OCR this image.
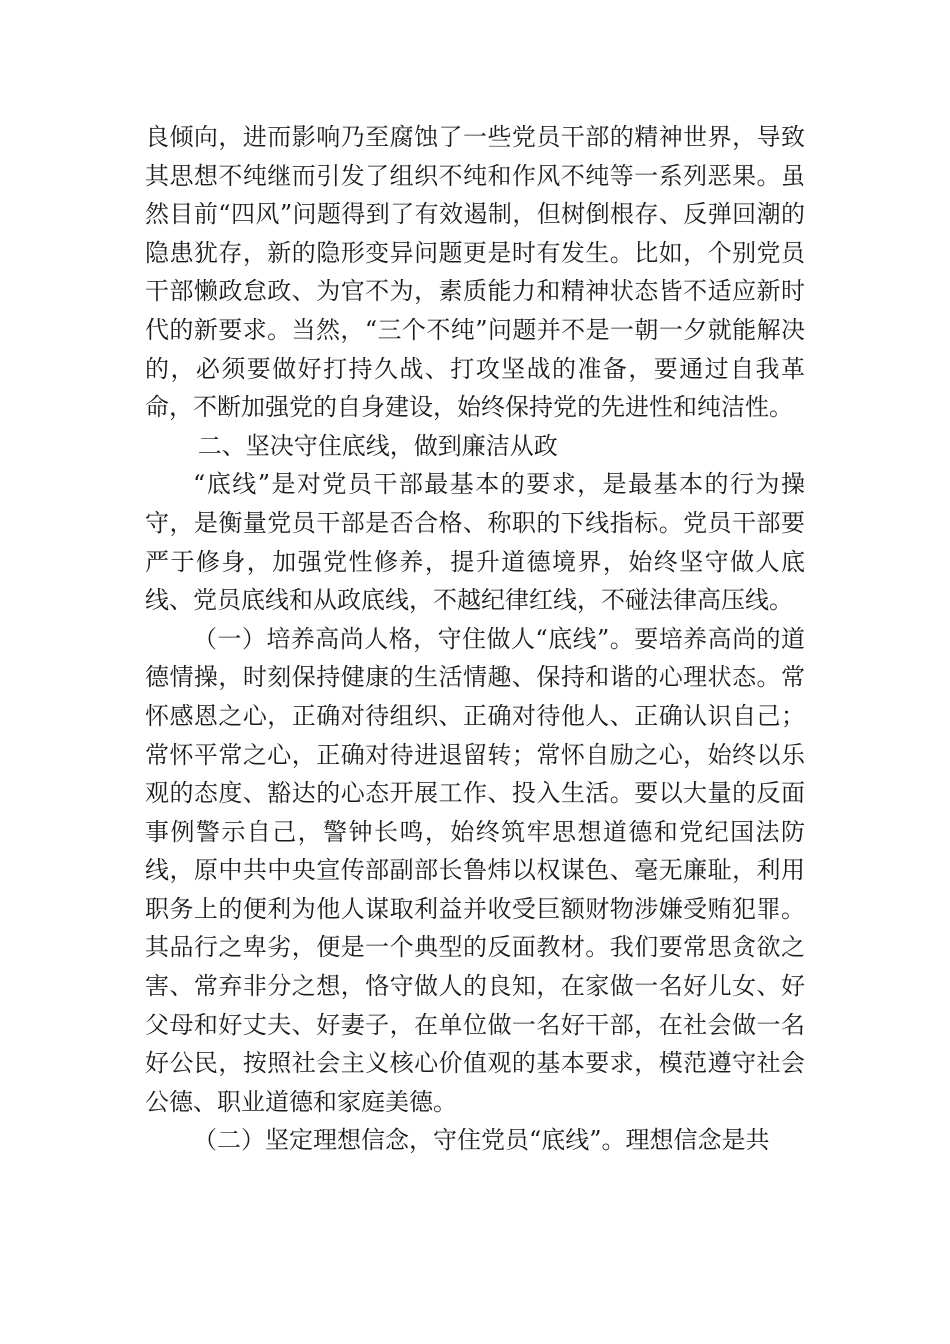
良倾向，进而影响乃至腐蚀了一些党员干部的精神世界，导致其思想不纯继而引发了组织不纯和作风不纯等一系列恶果。虽然目前“四风”问题得到了有效遏制，但树倒根存、反弹回潮的隐患犹存，新的隐形变异问题更是时有发生。比如，个别党员干部懒政怠政、为官不为，素质能力和精神状态皆不适应新时代的新要求。当然，“三个不纯”问题并不是一朝一夕就能解决的，必须要做好打持久战、打攻坚战的准备，要通过自我革命，不断加强党的自身建设，始终保持党的先进性和纯洁性。

二、坚决守住底线，做到廉洁从政

“底线”是对党员干部最基本的要求，是最基本的行为操守，是衡量党员干部是否合格、称职的下线指标。党员干部要严于修身，加强党性修养，提升道德境界，始终坚守做人底线、党员底线和从政底线，不越纪律红线，不碰法律高压线。

（一）培养高尚人格，守住做人“底线”。要培养高尚的道德情操，时刻保持健康的生活情趣、保持和谐的心理状态。常怀感恩之心，正确对待组织、正确对待他人、正确认识自己；常怀平常之心，正确对待进退留转；常怀自励之心，始终以乐观的态度、豁达的心态开展工作、投入生活。要以大量的反面事例警示自己，警钟长鸣，始终筑牢思想道德和党纪国法防线，原中共中央宣传部副部长鲁炜以权谋色、毫无廉耻，利用职务上的便利为他人谋取利益并收受巨额财物涉嫌受贿犯罪。其品行之卑劣，便是一个典型的反面教材。我们要常思贪欲之害、常弃非分之想，恪守做人的良知，在家做一名好儿女、好父母和好丈夫、好妻子，在单位做一名好干部，在社会做一名好公民，按照社会主义核心价值观的基本要求，模范遵守社会公德、职业道德和家庭美德。

（二）坚定理想信念，守住党员“底线”。理想信念是共
